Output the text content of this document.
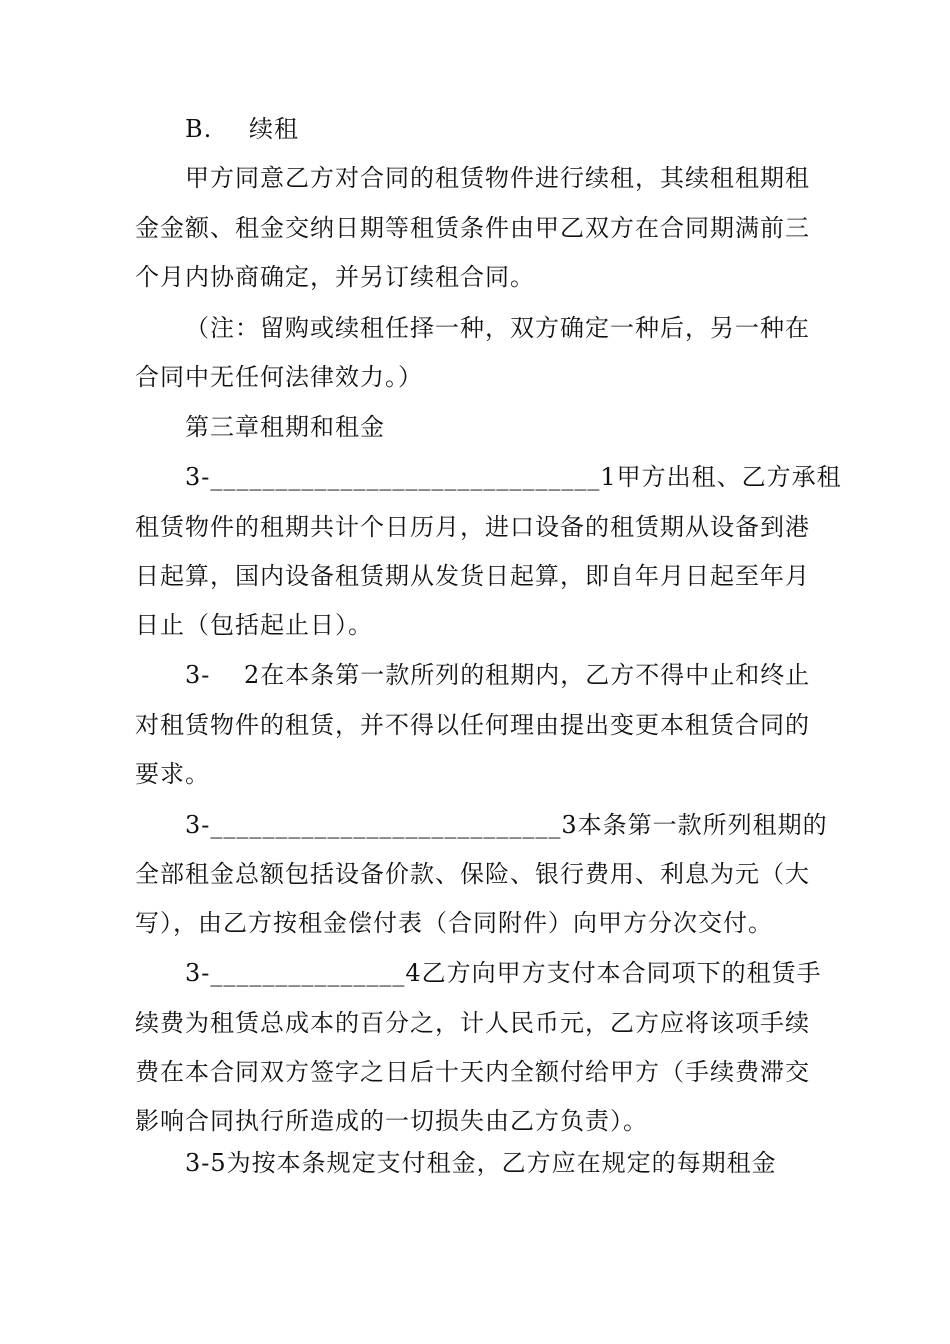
B. 续租
甲方同意乙方对合同的租赁物件进行续租，其续租租期租
金金额、租金交纳日期等租赁条件由甲乙双方在合同期满前三
个月内协商确定，并另订续租合同。
（注：留购或续租任择一种，双方确定一种后，另一种在
合同中无任何法律效力。）
第三章租期和租金
3-______________________________1甲方出租、乙方承租
租赁物件的租期共计个日历月，进口设备的租赁期从设备到港
日起算，国内设备租赁期从发货日起算，即自年月日起至年月
日止（包括起止日）。
3-　 2在本条第一款所列的租期内，乙方不得中止和终止
对租赁物件的租赁，并不得以任何理由提出变更本租赁合同的
要求。
3-___________________________3本条第一款所列租期的
全部租金总额包括设备价款、保险、银行费用、利息为元（大
写），由乙方按租金偿付表（合同附件）向甲方分次交付。
3-_______________4乙方向甲方支付本合同项下的租赁手
续费为租赁总成本的百分之，计人民币元，乙方应将该项手续
费在本合同双方签字之日后十天内全额付给甲方（手续费滞交
影响合同执行所造成的一切损失由乙方负责）。
3-5为按本条规定支付租金，乙方应在规定的每期租金
